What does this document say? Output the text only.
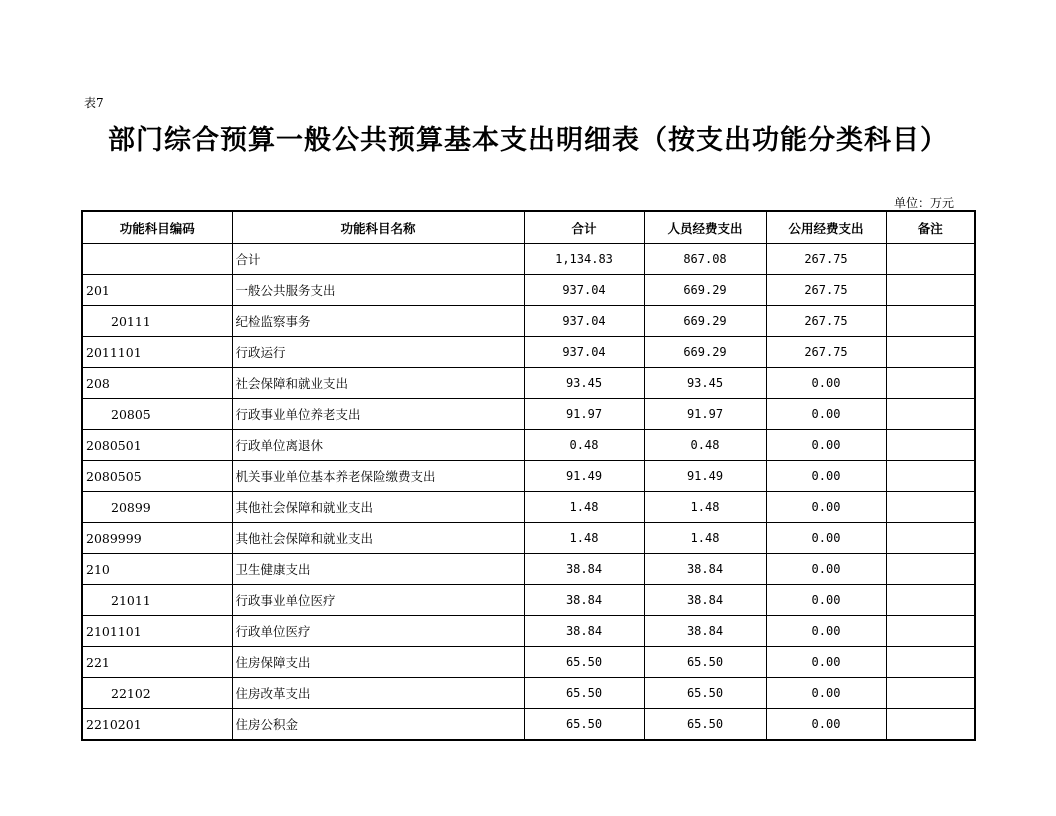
表7
部门综合预算一般公共预算基本支出明细表（按支出功能分类科目）
单位：万元
功能科目编码	功能科目名称	合计	人员经费支出	公用经费支出	备注
	合计	1,134.83	867.08	267.75	
201	一般公共服务支出	937.04	669.29	267.75	
20111	纪检监察事务	937.04	669.29	267.75	
2011101	行政运行	937.04	669.29	267.75	
208	社会保障和就业支出	93.45	93.45	0.00	
20805	行政事业单位养老支出	91.97	91.97	0.00	
2080501	行政单位离退休	0.48	0.48	0.00	
2080505	机关事业单位基本养老保险缴费支出	91.49	91.49	0.00	
20899	其他社会保障和就业支出	1.48	1.48	0.00	
2089999	其他社会保障和就业支出	1.48	1.48	0.00	
210	卫生健康支出	38.84	38.84	0.00	
21011	行政事业单位医疗	38.84	38.84	0.00	
2101101	行政单位医疗	38.84	38.84	0.00	
221	住房保障支出	65.50	65.50	0.00	
22102	住房改革支出	65.50	65.50	0.00	
2210201	住房公积金	65.50	65.50	0.00	
